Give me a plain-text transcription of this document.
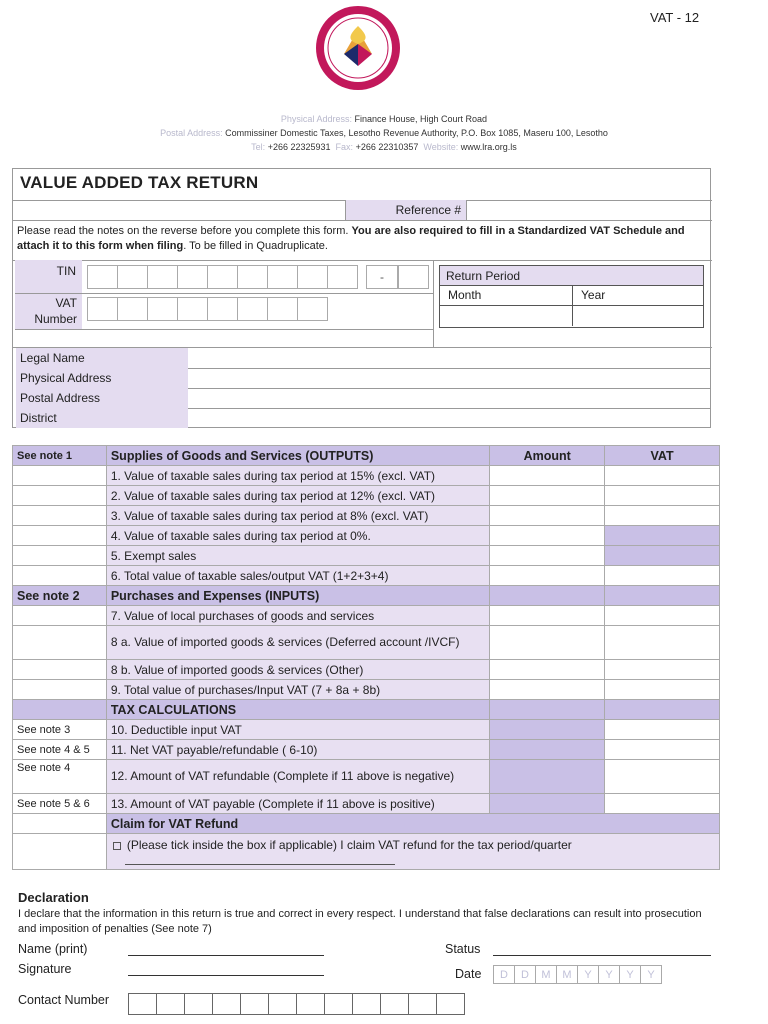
VAT - 12
Physical Address: Finance House, High Court Road
Postal Address: Commissiner Domestic Taxes, Lesotho Revenue Authority, P.O. Box 1085, Maseru 100, Lesotho
Tel: +266 22325931 Fax: +266 22310357 Website: www.lra.org.ls
VALUE ADDED TAX RETURN
Reference #
Please read the notes on the reverse before you complete this form. You are also required to fill in a Standardized VAT Schedule and attach it to this form when filing. To be filled in Quadruplicate.
TIN
VAT Number
-	Return Period
Month	Year
Legal Name
Physical Address
Postal Address
District
See note 1	Supplies of Goods and Services (OUTPUTS)	Amount	VAT
	1. Value of taxable sales during tax period at 15% (excl. VAT)		
	2. Value of taxable sales during tax period at 12% (excl. VAT)		
	3. Value of taxable sales during tax period at 8% (excl. VAT)		
	4. Value of taxable sales during tax period at 0%.		
	5. Exempt sales		
	6. Total value of taxable sales/output VAT (1+2+3+4)		
See note 2	Purchases and Expenses (INPUTS)		
	7. Value of local purchases of goods and services		
	8 a. Value of imported goods & services (Deferred account /IVCF)		
	8 b. Value of imported goods & services (Other)		
	9. Total value of purchases/Input VAT (7 + 8a + 8b)		
	TAX CALCULATIONS		
See note 3	10. Deductible input VAT		
See note 4 & 5	11. Net VAT payable/refundable ( 6-10)		
See note 4	12. Amount of VAT refundable (Complete if 11 above is negative)		
See note 5 & 6	13. Amount of VAT payable (Complete if 11 above is positive)		
	Claim for VAT Refund		
	(Please tick inside the box if applicable) I claim VAT refund for the tax period/quarter		
Declaration
I declare that the information in this return is true and correct in every respect. I understand that false declarations can result into prosecution and imposition of penalties (See note 7)
Name (print)
Signature
Status
Date	D	D	M	M	Y	Y	Y	Y
Contact Number
